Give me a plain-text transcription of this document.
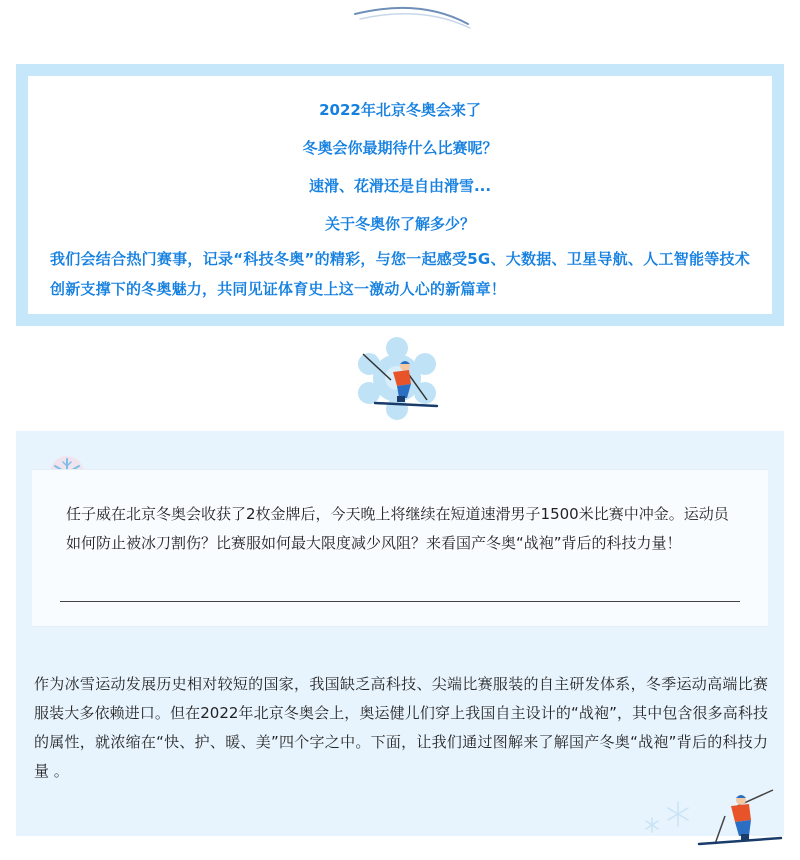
2022年北京冬奥会来了
冬奥会你最期待什么比赛呢？
速滑、花滑还是自由滑雪...
关于冬奥你了解多少？
我们会结合热门赛事，记录“科技冬奥”的精彩，与您一起感受5G、大数据、卫星导航、人工智能等技术创新支撑下的冬奥魅力，共同见证体育史上这一激动人心的新篇章！
任子威在北京冬奥会收获了2枚金牌后，今天晚上将继续在短道速滑男子1500米比赛中冲金。运动员如何防止被冰刀割伤？比赛服如何最大限度减少风阻？来看国产冬奥“战袍”背后的科技力量！
作为冰雪运动发展历史相对较短的国家，我国缺乏高科技、尖端比赛服装的自主研发体系，冬季运动高端比赛服装大多依赖进口。但在2022年北京冬奥会上，奥运健儿们穿上我国自主设计的“战袍”，其中包含很多高科技的属性，就浓缩在“快、护、暖、美”四个字之中。下面，让我们通过图解来了解国产冬奥“战袍”背后的科技力量 。
